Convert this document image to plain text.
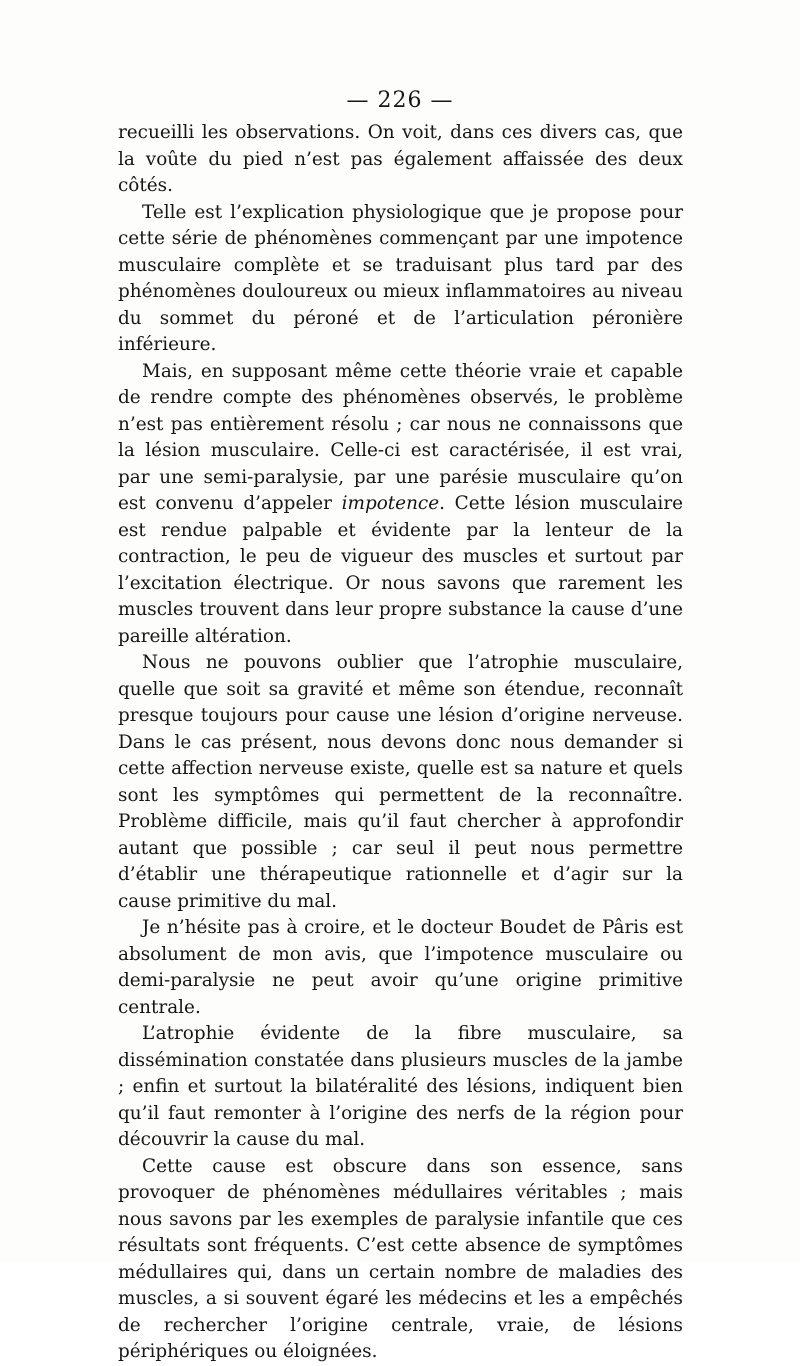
— 226 —

recueilli les observations. On voit, dans ces divers cas, que la voûte du pied n’est pas également affaissée des deux côtés.

Telle est l’explication physiologique que je propose pour cette série de phénomènes commençant par une impotence musculaire complète et se traduisant plus tard par des phénomènes douloureux ou mieux inflammatoires au niveau du sommet du péroné et de l’articulation péronière inférieure.

Mais, en supposant même cette théorie vraie et capable de rendre compte des phénomènes observés, le problème n’est pas entièrement résolu ; car nous ne connaissons que la lésion musculaire. Celle-ci est caractérisée, il est vrai, par une semi-paralysie, par une parésie musculaire qu’on est convenu d’appeler impotence. Cette lésion musculaire est rendue palpable et évidente par la lenteur de la contraction, le peu de vigueur des muscles et surtout par l’excitation électrique. Or nous savons que rarement les muscles trouvent dans leur propre substance la cause d’une pareille altération.

Nous ne pouvons oublier que l’atrophie musculaire, quelle que soit sa gravité et même son étendue, reconnaît presque toujours pour cause une lésion d’origine nerveuse. Dans le cas présent, nous devons donc nous demander si cette affection nerveuse existe, quelle est sa nature et quels sont les symptômes qui permettent de la reconnaître. Problème difficile, mais qu’il faut chercher à approfondir autant que possible ; car seul il peut nous permettre d’établir une thérapeutique rationnelle et d’agir sur la cause primitive du mal.

Je n’hésite pas à croire, et le docteur Boudet de Pâris est absolument de mon avis, que l’impotence musculaire ou demi-paralysie ne peut avoir qu’une origine primitive centrale.

L’atrophie évidente de la fibre musculaire, sa dissémination constatée dans plusieurs muscles de la jambe ; enfin et surtout la bilatéralité des lésions, indiquent bien qu’il faut remonter à l’origine des nerfs de la région pour découvrir la cause du mal.

Cette cause est obscure dans son essence, sans provoquer de phénomènes médullaires véritables ; mais nous savons par les exemples de paralysie infantile que ces résultats sont fréquents. C’est cette absence de symptômes médullaires qui, dans un certain nombre de maladies des muscles, a si souvent égaré les médecins et les a empêchés de rechercher l’origine centrale, vraie, de lésions périphériques ou éloignées.
